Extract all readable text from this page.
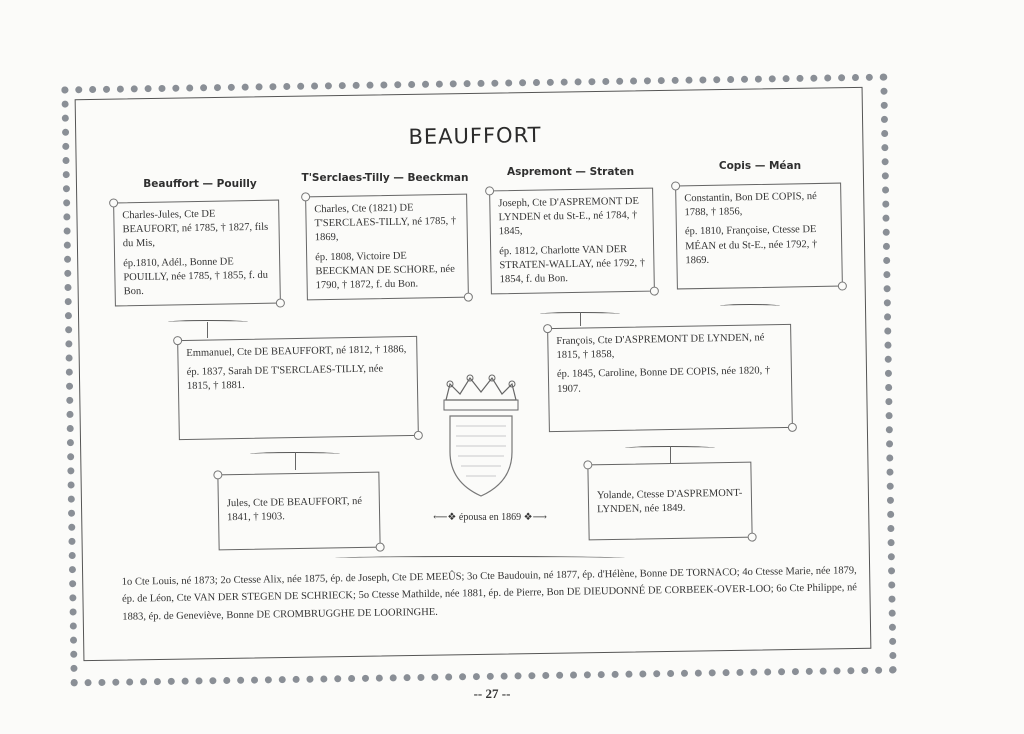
BEAUFFORT
Beauffort — Pouilly	T'Serclaes-Tilly — Beeckman	Aspremont — Straten	Copis — Méan

Charles-Jules, Cte DE BEAUFORT, né 1785, † 1827, fils du Mis,

ép.1810, Adél., Bonne DE POUILLY, née 1785, † 1855, f. du Bon.

Charles, Cte (1821) DE T'SERCLAES-TILLY, né 1785, † 1869,

ép. 1808, Victoire DE BEECKMAN DE SCHORE, née 1790, † 1872, f. du Bon.

Joseph, Cte D'ASPREMONT DE LYNDEN et du St-E., né 1784, † 1845,

ép. 1812, Charlotte VAN DER STRATEN-WALLAY, née 1792, † 1854, f. du Bon.

Constantin, Bon DE COPIS, né 1788, † 1856,

ép. 1810, Françoise, Ctesse DE MÉAN et du St-E., née 1792, † 1869.

Emmanuel, Cte DE BEAUFFORT, né 1812, † 1886,

ép. 1837, Sarah DE T'SERCLAES-TILLY, née 1815, † 1881.

François, Cte D'ASPREMONT DE LYNDEN, né 1815, † 1858,

ép. 1845, Caroline, Bonne DE COPIS, née 1820, † 1907.

Jules, Cte DE BEAUFFORT, né 1841, † 1903.

Yolande, Ctesse D'ASPREMONT-LYNDEN, née 1849.

⟵❖ épousa en 1869 ❖⟶
1o Cte Louis, né 1873; 2o Ctesse Alix, née 1875, ép. de Joseph, Cte DE MEEÛS; 3o Cte Baudouin, né 1877, ép. d'Hélène, Bonne DE TORNACO; 4o Ctesse Marie, née 1879, ép. de Léon, Cte VAN DER STEGEN DE SCHRIECK; 5o Ctesse Mathilde, née 1881, ép. de Pierre, Bon DE DIEUDONNÉ DE CORBEEK-OVER-LOO; 6o Cte Philippe, né 1883, ép. de Geneviève, Bonne DE CROMBRUGGHE DE LOORINGHE.
-- 27 --
